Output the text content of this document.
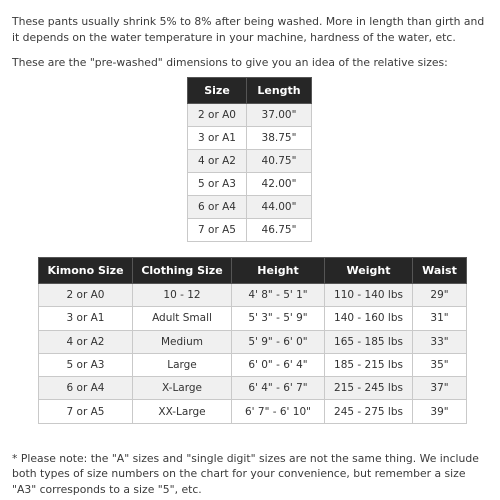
These pants usually shrink 5% to 8% after being washed. More in length than girth and it depends on the water temperature in your machine, hardness of the water, etc.

These are the "pre-washed" dimensions to give you an idea of the relative sizes:

Size	Length
2 or A0	37.00"
3 or A1	38.75"
4 or A2	40.75"
5 or A3	42.00"
6 or A4	44.00"
7 or A5	46.75"
Kimono Size	Clothing Size	Height	Weight	Waist
2 or A0	10 - 12	4' 8" - 5' 1"	110 - 140 lbs	29"
3 or A1	Adult Small	5' 3" - 5' 9"	140 - 160 lbs	31"
4 or A2	Medium	5' 9" - 6' 0"	165 - 185 lbs	33"
5 or A3	Large	6' 0" - 6' 4"	185 - 215 lbs	35"
6 or A4	X-Large	6' 4" - 6' 7"	215 - 245 lbs	37"
7 or A5	XX-Large	6' 7" - 6' 10"	245 - 275 lbs	39"

* Please note: the "A" sizes and "single digit" sizes are not the same thing. We include both types of size numbers on the chart for your convenience, but remember a size "A3" corresponds to a size "5", etc.
